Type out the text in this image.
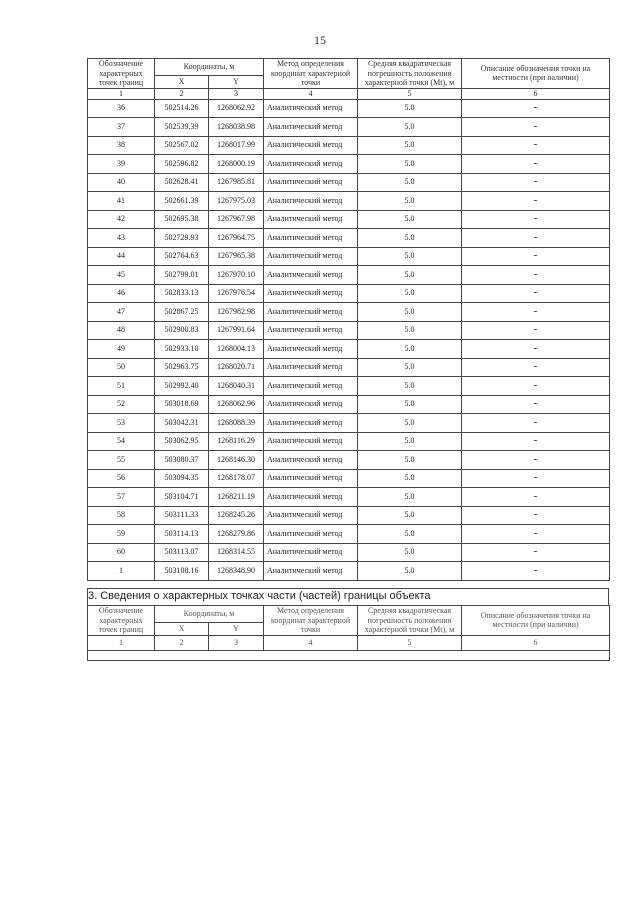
15
Обозначение характерных точек границ	Координаты, м		Метод определения координат характерной точки	Средняя квадратическая погрешность положения характерной точки (Mt), м	Описание обозначения точки на местности (при наличии)
	X	Y			
1	2	3	4	5	6
36	502514.26	1268062.92	Аналитический метод	5.0	-
37	502539.39	1268038.98	Аналитический метод	5.0	-
38	502567.02	1268017.99	Аналитический метод	5.0	-
39	502596.82	1268000.19	Аналитический метод	5.0	-
40	502628.41	1267985.81	Аналитический метод	5.0	-
41	502661.39	1267975.03	Аналитический метод	5.0	-
42	502695.38	1267967.98	Аналитический метод	5.0	-
43	502729.93	1267964.75	Аналитический метод	5.0	-
44	502764.63	1267965.38	Аналитический метод	5.0	-
45	502799.01	1267970.10	Аналитический метод	5.0	-
46	502833.13	1267976.54	Аналитический метод	5.0	-
47	502867.25	1267982.98	Аналитический метод	5.0	-
48	502900.83	1267991.64	Аналитический метод	5.0	-
49	502933.10	1268004.13	Аналитический метод	5.0	-
50	502963.75	1268020.71	Аналитический метод	5.0	-
51	502992.40	1268040.31	Аналитический метод	5.0	-
52	503018.69	1268062.96	Аналитический метод	5.0	-
53	503042.31	1268088.39	Аналитический метод	5.0	-
54	503062.95	1268116.29	Аналитический метод	5.0	-
55	503080.37	1268146.30	Аналитический метод	5.0	-
56	503094.35	1268178.07	Аналитический метод	5.0	-
57	503104.71	1268211.19	Аналитический метод	5.0	-
58	503111.33	1268245.26	Аналитический метод	5.0	-
59	503114.13	1268279.86	Аналитический метод	5.0	-
60	503113.07	1268314.55	Аналитический метод	5.0	-
1	503108.16	1268348.90	Аналитический метод	5.0	-
3. Сведения о характерных точках части (частей) границы объекта
Обозначение характерных точек границ	Координаты, м		Метод определения координат характерной точки	Средняя квадратическая погрешность положения характерной точки (Mt), м	Описание обозначения точки на местности (при наличии)
	X	Y			
1	2	3	4	5	6
